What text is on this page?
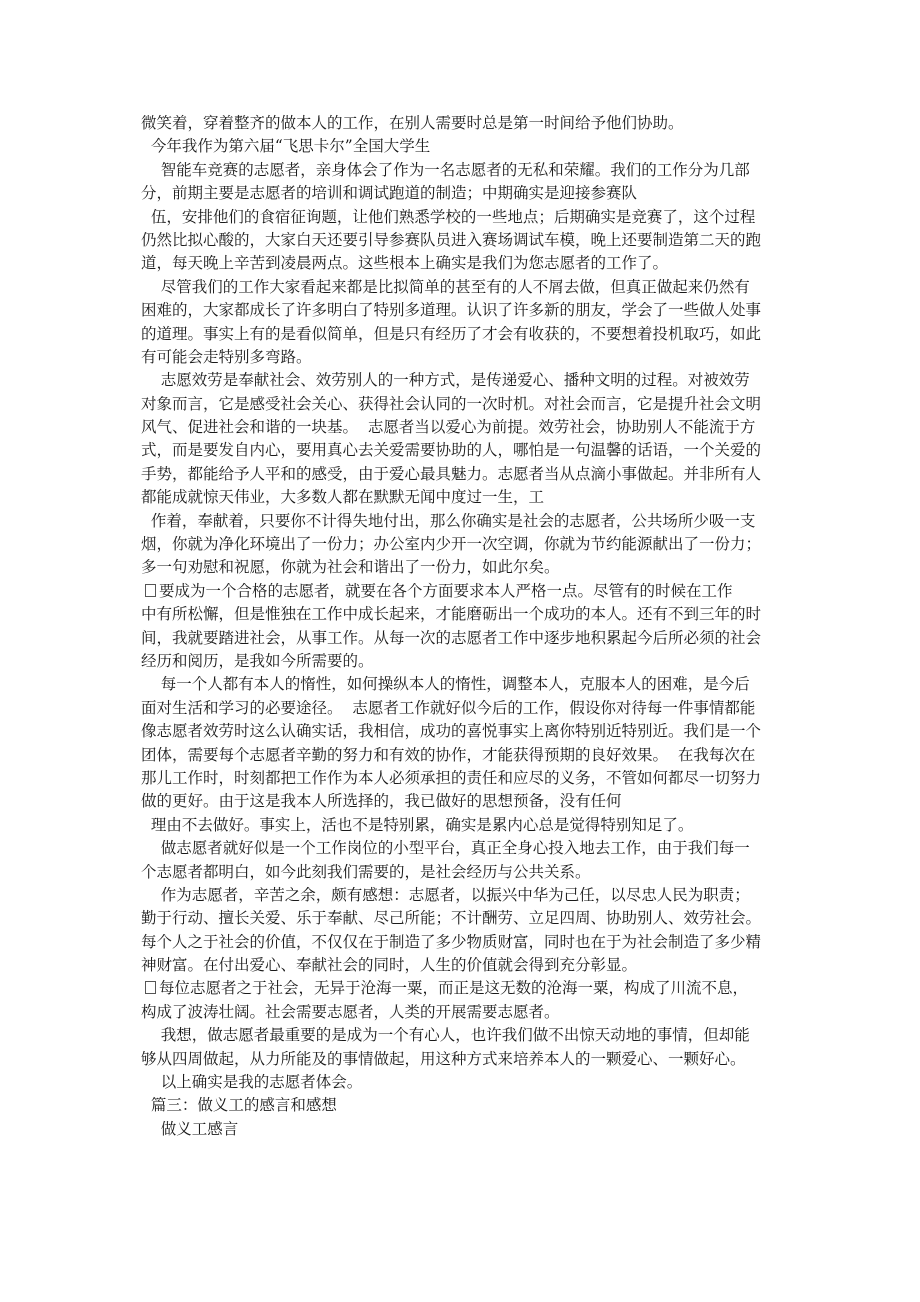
微笑着，穿着整齐的做本人的工作，在别人需要时总是第一时间给予他们协助。
今年我作为第六届“飞思卡尔”全国大学生
智能车竞赛的志愿者，亲身体会了作为一名志愿者的无私和荣耀。我们的工作分为几部
分，前期主要是志愿者的培训和调试跑道的制造；中期确实是迎接参赛队
伍，安排他们的食宿征询题，让他们熟悉学校的一些地点；后期确实是竞赛了，这个过程
仍然比拟心酸的，大家白天还要引导参赛队员进入赛场调试车模，晚上还要制造第二天的跑
道，每天晚上辛苦到凌晨两点。这些根本上确实是我们为您志愿者的工作了。
尽管我们的工作大家看起来都是比拟简单的甚至有的人不屑去做，但真正做起来仍然有
困难的，大家都成长了许多明白了特别多道理。认识了许多新的朋友，学会了一些做人处事
的道理。事实上有的是看似简单，但是只有经历了才会有收获的，不要想着投机取巧，如此
有可能会走特别多弯路。
志愿效劳是奉献社会、效劳别人的一种方式，是传递爱心、播种文明的过程。对被效劳
对象而言，它是感受社会关心、获得社会认同的一次时机。对社会而言，它是提升社会文明
风气、促进社会和谐的一块基。  志愿者当以爱心为前提。效劳社会，协助别人不能流于方
式，而是要发自内心，要用真心去关爱需要协助的人，哪怕是一句温馨的话语，一个关爱的
手势，都能给予人平和的感受，由于爱心最具魅力。志愿者当从点滴小事做起。并非所有人
都能成就惊天伟业，大多数人都在默默无闻中度过一生，工
作着，奉献着，只要你不计得失地付出，那么你确实是社会的志愿者，公共场所少吸一支
烟，你就为净化环境出了一份力；办公室内少开一次空调，你就为节约能源献出了一份力；
多一句劝慰和祝愿，你就为社会和谐出了一份力，如此尔矣。
要成为一个合格的志愿者，就要在各个方面要求本人严格一点。尽管有的时候在工作
中有所松懈，但是惟独在工作中成长起来，才能磨砺出一个成功的本人。还有不到三年的时
间，我就要踏进社会，从事工作。从每一次的志愿者工作中逐步地积累起今后所必须的社会
经历和阅历，是我如今所需要的。
每一个人都有本人的惰性，如何操纵本人的惰性，调整本人，克服本人的困难，是今后
面对生活和学习的必要途径。  志愿者工作就好似今后的工作，假设你对待每一件事情都能
像志愿者效劳时这么认确实话，我相信，成功的喜悦事实上离你特别近特别近。我们是一个
团体，需要每个志愿者辛勤的努力和有效的协作，才能获得预期的良好效果。  在我每次在
那儿工作时，时刻都把工作作为本人必须承担的责任和应尽的义务，不管如何都尽一切努力
做的更好。由于这是我本人所选择的，我已做好的思想预备，没有任何
理由不去做好。事实上，活也不是特别累，确实是累内心总是觉得特别知足了。
做志愿者就好似是一个工作岗位的小型平台，真正全身心投入地去工作，由于我们每一
个志愿者都明白，如今此刻我们需要的，是社会经历与公共关系。
作为志愿者，辛苦之余，颇有感想：志愿者，以振兴中华为己任，以尽忠人民为职责；
勤于行动、擅长关爱、乐于奉献、尽己所能；不计酬劳、立足四周、协助别人、效劳社会。
每个人之于社会的价值，不仅仅在于制造了多少物质财富，同时也在于为社会制造了多少精
神财富。在付出爱心、奉献社会的同时，人生的价值就会得到充分彰显。
每位志愿者之于社会，无异于沧海一粟，而正是这无数的沧海一粟，构成了川流不息，
构成了波涛壮阔。社会需要志愿者，人类的开展需要志愿者。
我想，做志愿者最重要的是成为一个有心人，也许我们做不出惊天动地的事情，但却能
够从四周做起，从力所能及的事情做起，用这种方式来培养本人的一颗爱心、一颗好心。
以上确实是我的志愿者体会。
篇三：做义工的感言和感想
做义工感言
